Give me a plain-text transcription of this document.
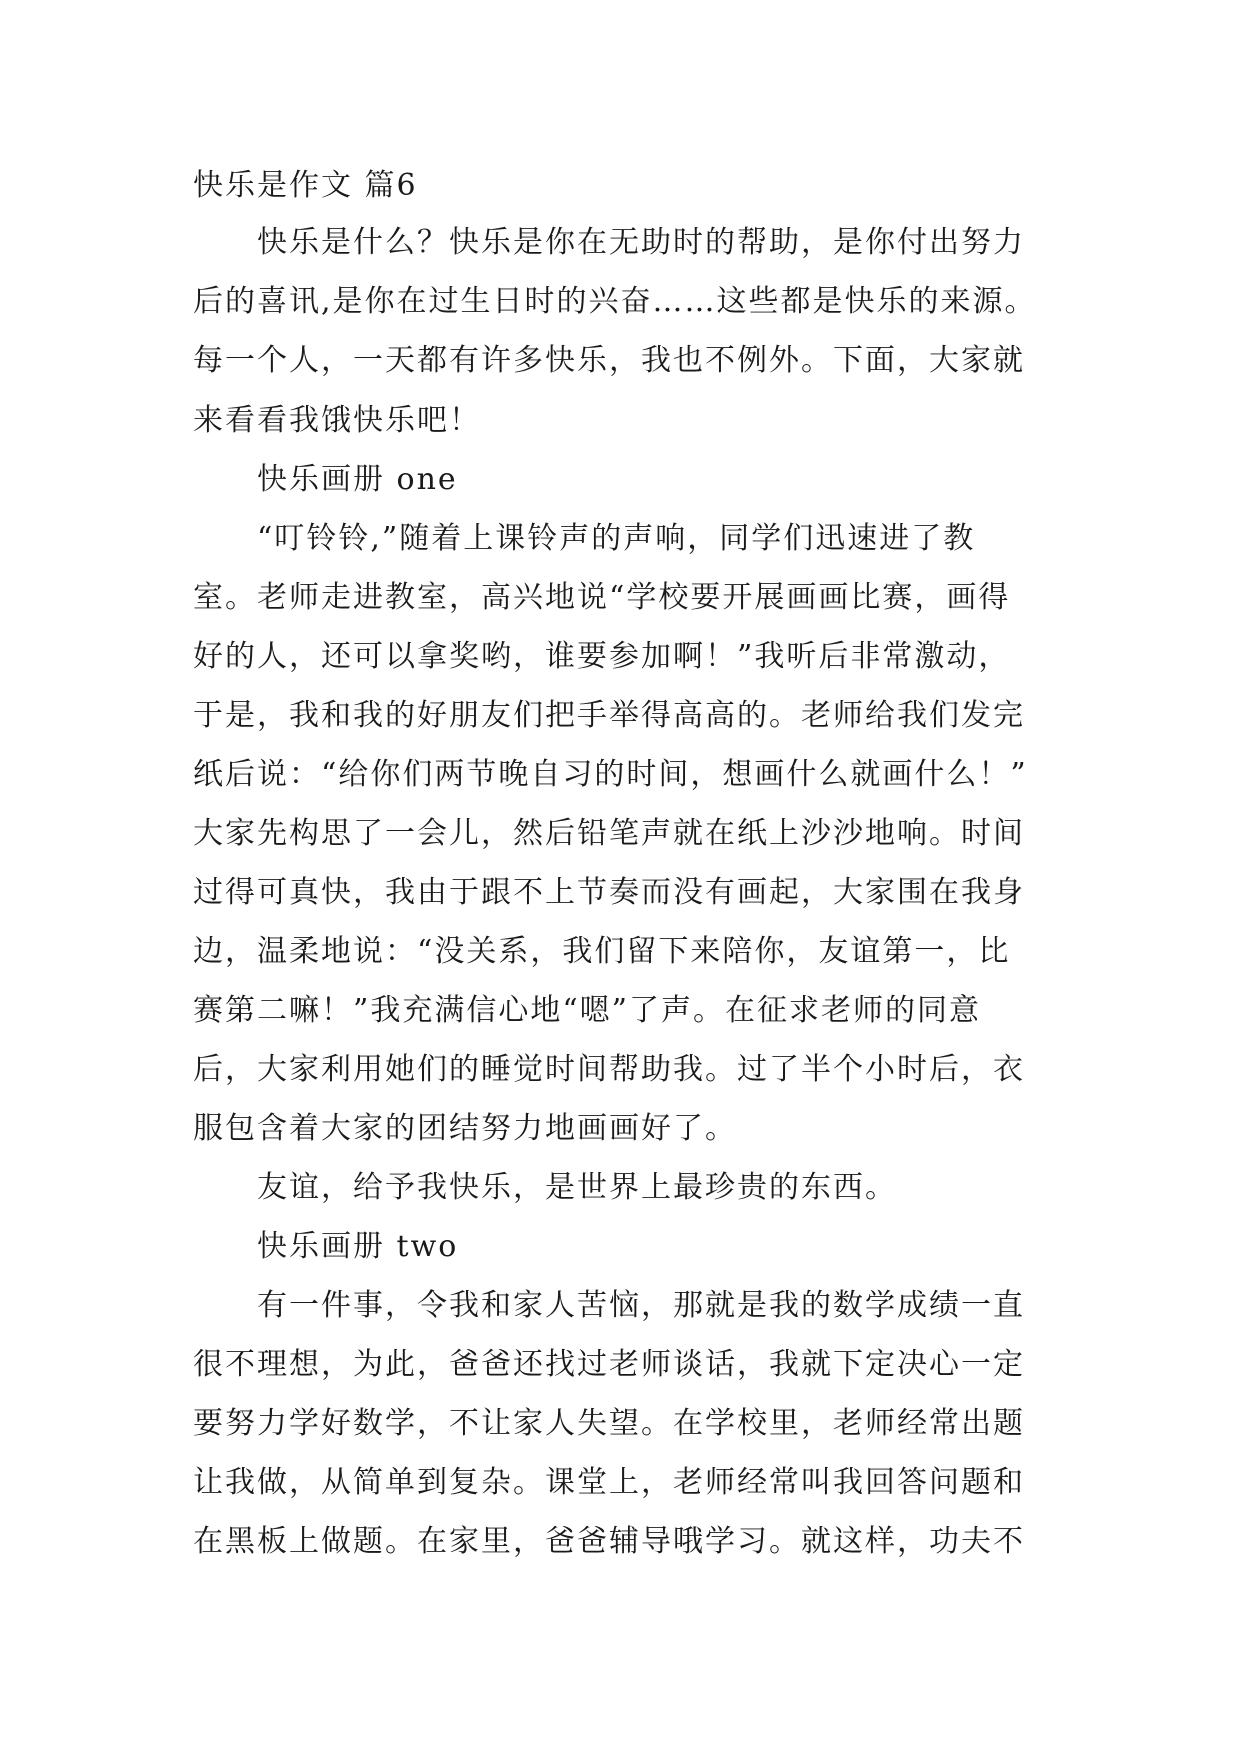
快乐是作文 篇6
快乐是什么？快乐是你在无助时的帮助，是你付出努力
后的喜讯,是你在过生日时的兴奋……这些都是快乐的来源。
每一个人，一天都有许多快乐，我也不例外。下面，大家就
来看看我饿快乐吧！
快乐画册 one
“叮铃铃,”随着上课铃声的声响，同学们迅速进了教
室。老师走进教室，高兴地说“学校要开展画画比赛，画得
好的人，还可以拿奖哟，谁要参加啊！”我听后非常激动，
于是，我和我的好朋友们把手举得高高的。老师给我们发完
纸后说：“给你们两节晚自习的时间，想画什么就画什么！”
大家先构思了一会儿，然后铅笔声就在纸上沙沙地响。时间
过得可真快，我由于跟不上节奏而没有画起，大家围在我身
边，温柔地说：“没关系，我们留下来陪你，友谊第一，比
赛第二嘛！”我充满信心地“嗯”了声。在征求老师的同意
后，大家利用她们的睡觉时间帮助我。过了半个小时后，衣
服包含着大家的团结努力地画画好了。
友谊，给予我快乐，是世界上最珍贵的东西。
快乐画册 two
有一件事，令我和家人苦恼，那就是我的数学成绩一直
很不理想，为此，爸爸还找过老师谈话，我就下定决心一定
要努力学好数学，不让家人失望。在学校里，老师经常出题
让我做，从简单到复杂。课堂上，老师经常叫我回答问题和
在黑板上做题。在家里，爸爸辅导哦学习。就这样，功夫不
